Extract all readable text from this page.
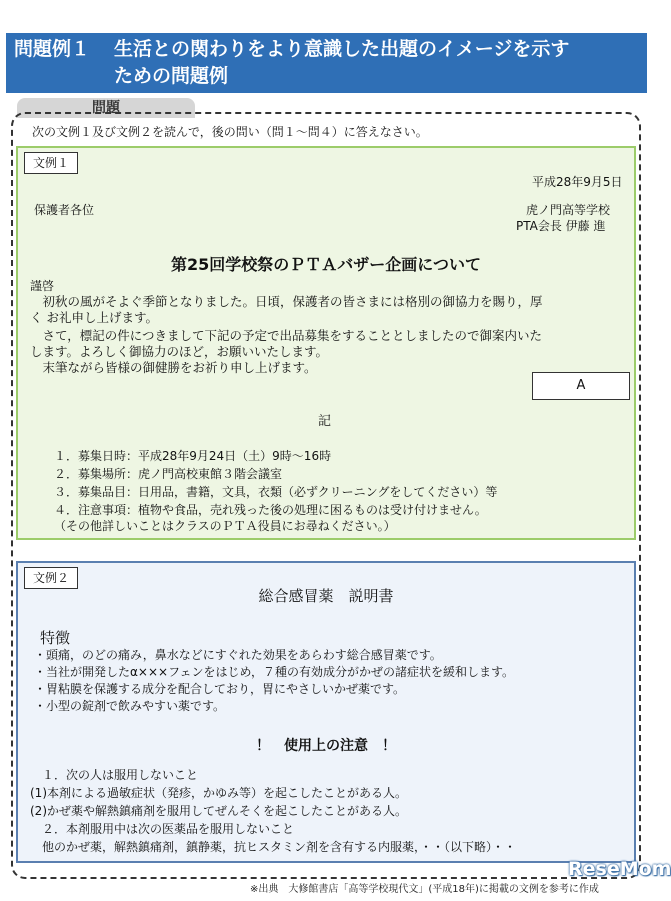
問題例１ 生活との関わりをより意識した出題のイメージを示す
ための問題例
問題
次の文例１及び文例２を読んで，後の問い（問１～問４）に答えなさい。
文例１
平成28年9月5日
保護者各位	虎ノ門高等学校
PTA会長 伊藤 進
第25回学校祭のＰＴＡバザー企画について
謹啓
　初秋の風がそよぐ季節となりました。日頃，保護者の皆さまには格別の御協力を賜り，厚
く お礼申し上げます。
　さて，標記の件につきまして下記の予定で出品募集をすることとしましたので御案内いた
します。よろしく御協力のほど，お願いいたします。
　末筆ながら皆様の御健勝をお祈り申し上げます。
A
記
１．募集日時：平成28年9月24日（土）9時～16時
２．募集場所：虎ノ門高校東館３階会議室
３．募集品目：日用品，書籍，文具，衣類（必ずクリーニングをしてください）等
４．注意事項：植物や食品，売れ残った後の処理に困るものは受け付けません。
（その他詳しいことはクラスのＰＴＡ役員にお尋ねください。）
文例２
総合感冒薬　説明書
特徴
・頭痛，のどの痛み，鼻水などにすぐれた効果をあらわす総合感冒薬です。
・当社が開発したα×××フェンをはじめ，７種の有効成分がかぜの諸症状を緩和します。
・胃粘膜を保護する成分を配合しており，胃にやさしいかぜ薬です。
・小型の錠剤で飲みやすい薬です。
！　使用上の注意　！
　１．次の人は服用しないこと
(1)本剤による過敏症状（発疹，かゆみ等）を起こしたことがある人。
(2)かぜ薬や解熱鎮痛剤を服用してぜんそくを起こしたことがある人。
　２．本剤服用中は次の医薬品を服用しないこと
　他のかぜ薬，解熱鎮痛剤，鎮静薬，抗ヒスタミン剤を含有する内服薬，・・（以下略）・・
※出典　大修館書店「高等学校現代文」(平成18年)に掲載の文例を参考に作成
ReseMom
